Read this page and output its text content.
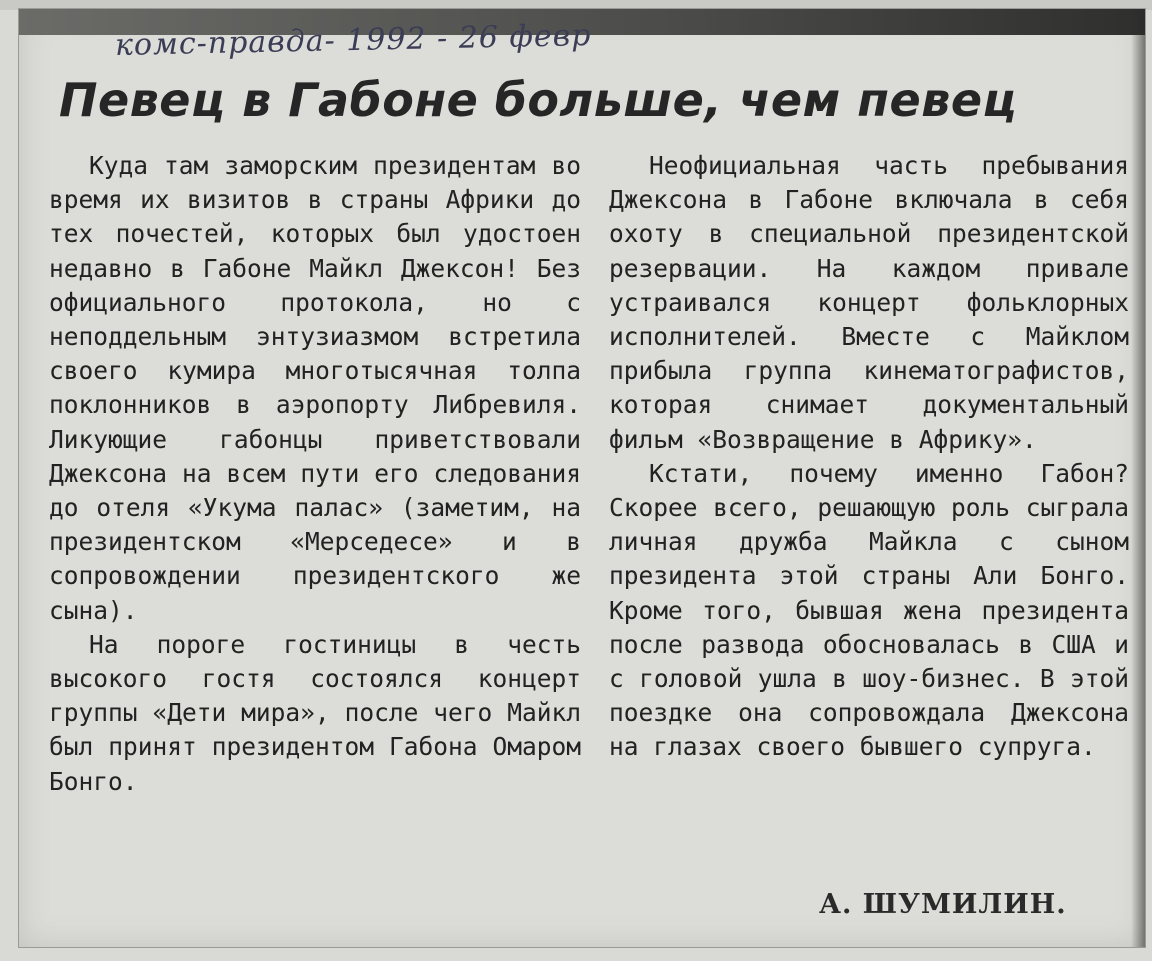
комс-правда- 1992 - 26 февр
Певец в Габоне больше, чем певец

Куда там заморским президентам во время их визитов в страны Африки до тех почестей, которых был удостоен недавно в Габоне Майкл Джексон! Без официального протокола, но с неподдельным энтузиазмом встретила своего кумира многотысячная толпа поклонников в аэропорту Либревиля. Ликующие габонцы приветствовали Джексона на всем пути его следования до отеля «Укума палас» (заметим, на президентском «Мерседесе» и в сопровождении президентского же сына).

На пороге гостиницы в честь высокого гостя состоялся концерт группы «Дети мира», после чего Майкл был принят президентом Габона Омаром Бонго.

Неофициальная часть пребывания Джексона в Габоне включала в себя охоту в специальной президентской резервации. На каждом привале устраивался концерт фольклорных исполнителей. Вместе с Майклом прибыла группа кинематографистов, которая снимает документальный фильм «Возвращение в Африку».

Кстати, почему именно Габон? Скорее всего, решающую роль сыграла личная дружба Майкла с сыном президента этой страны Али Бонго. Кроме того, бывшая жена президента после развода обосновалась в США и с головой ушла в шоу-бизнес. В этой поездке она сопровождала Джексона на глазах своего бывшего супруга.

А. ШУМИЛИН.
